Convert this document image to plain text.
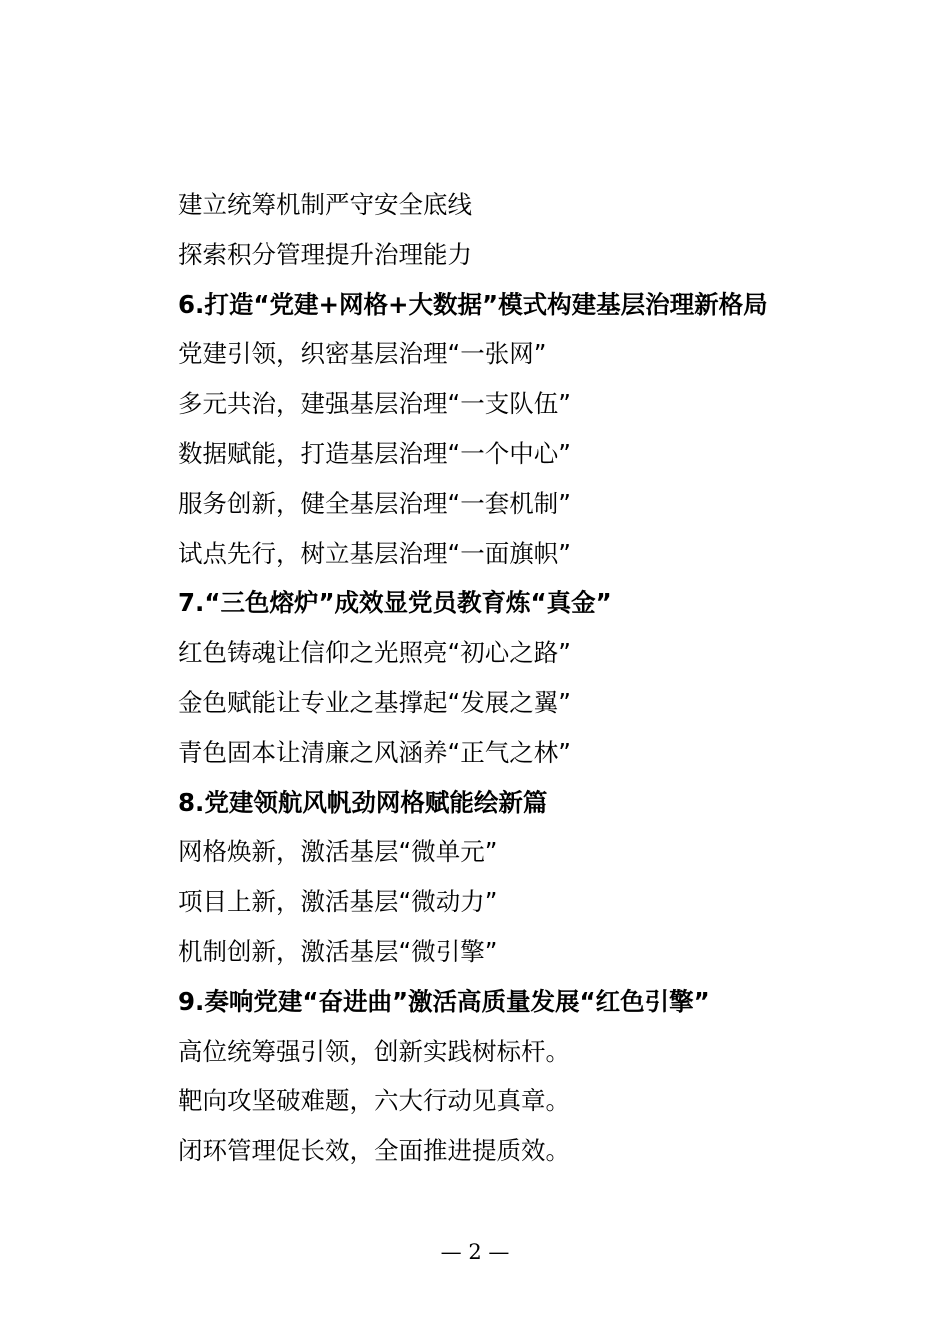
建立统筹机制严守安全底线
探索积分管理提升治理能力
6.打造“党建+网格+大数据”模式构建基层治理新格局
党建引领，织密基层治理“一张网”
多元共治，建强基层治理“一支队伍”
数据赋能，打造基层治理“一个中心”
服务创新，健全基层治理“一套机制”
试点先行，树立基层治理“一面旗帜”
7.“三色熔炉”成效显党员教育炼“真金”
红色铸魂让信仰之光照亮“初心之路”
金色赋能让专业之基撑起“发展之翼”
青色固本让清廉之风涵养“正气之林”
8.党建领航风帆劲网格赋能绘新篇
网格焕新，激活基层“微单元”
项目上新，激活基层“微动力”
机制创新，激活基层“微引擎”
9.奏响党建“奋进曲”激活高质量发展“红色引擎”
高位统筹强引领，创新实践树标杆。
靶向攻坚破难题，六大行动见真章。
闭环管理促长效，全面推进提质效。
— 2 —
